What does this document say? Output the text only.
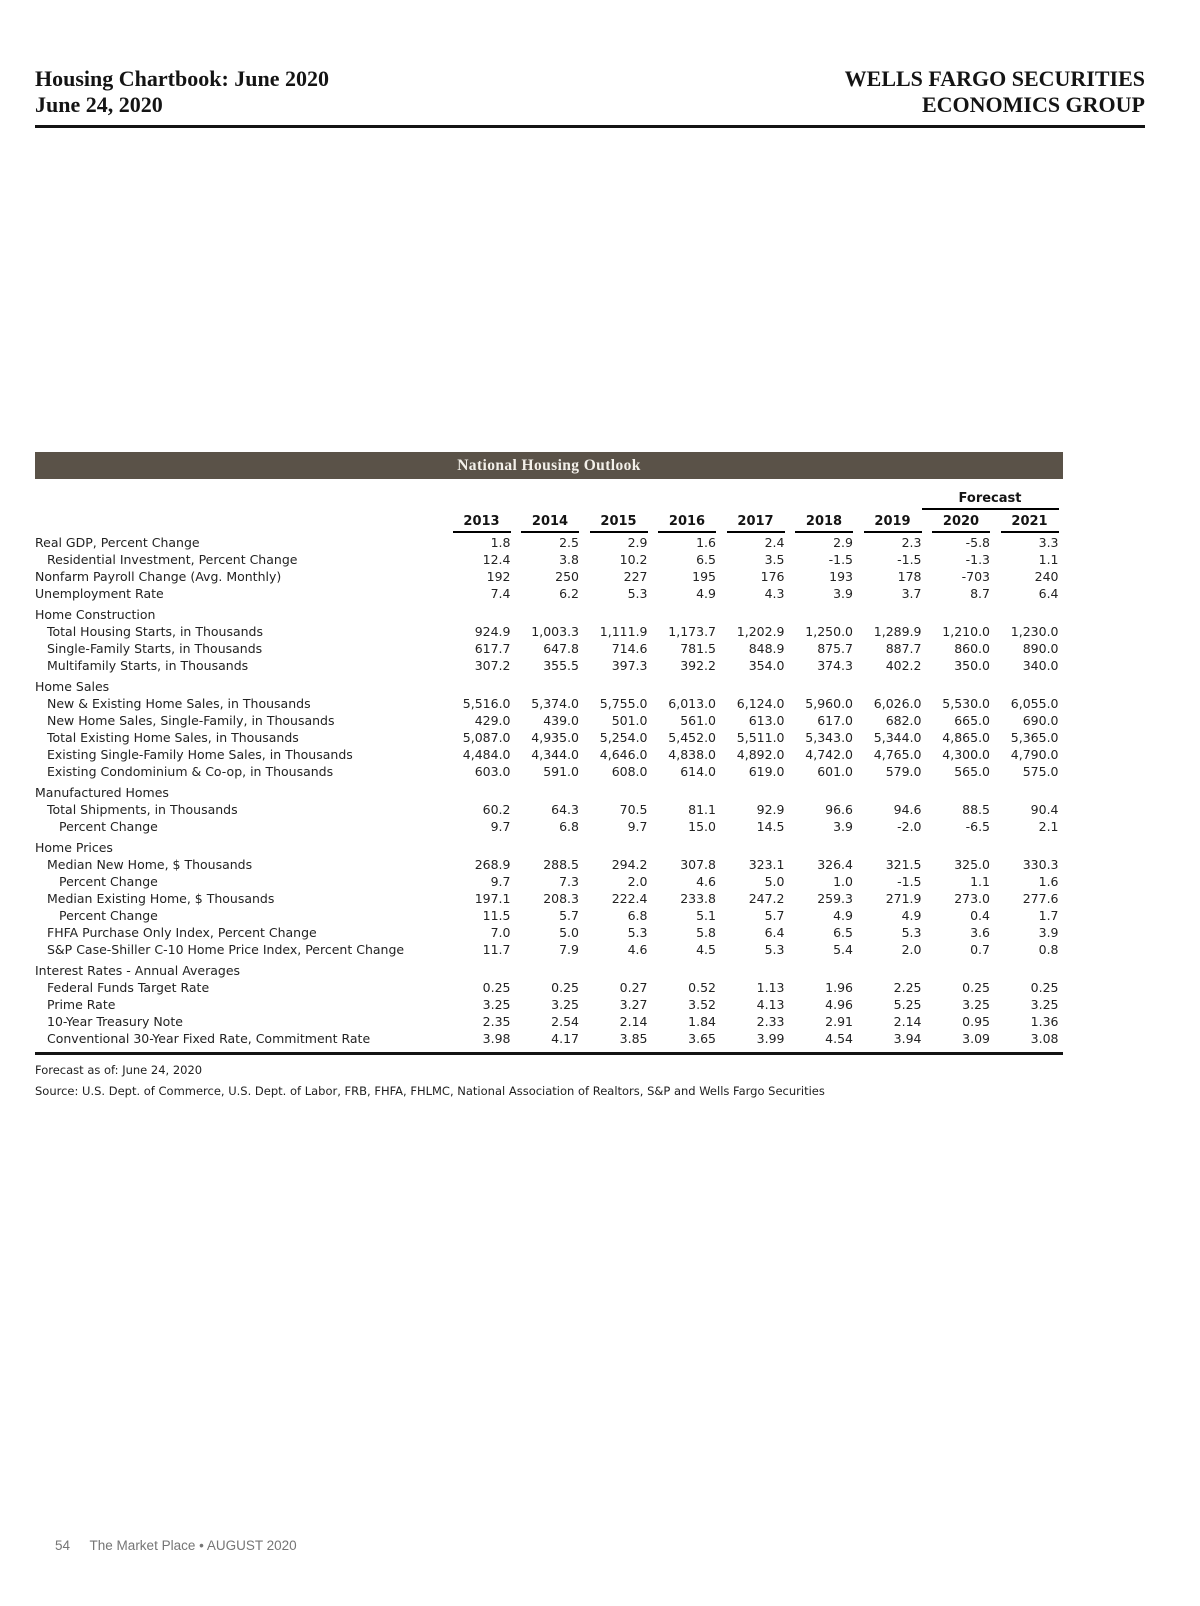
Housing Chartbook: June 2020
June 24, 2020
WELLS FARGO SECURITIES
ECONOMICS GROUP
National Housing Outlook
								Forecast	
	2013	2014	2015	2016	2017	2018	2019	2020	2021
Real GDP, Percent Change	1.8	2.5	2.9	1.6	2.4	2.9	2.3	-5.8	3.3
Residential Investment, Percent Change	12.4	3.8	10.2	6.5	3.5	-1.5	-1.5	-1.3	1.1
Nonfarm Payroll Change (Avg. Monthly)	192	250	227	195	176	193	178	-703	240
Unemployment Rate	7.4	6.2	5.3	4.9	4.3	3.9	3.7	8.7	6.4
Home Construction									
Total Housing Starts, in Thousands	924.9	1,003.3	1,111.9	1,173.7	1,202.9	1,250.0	1,289.9	1,210.0	1,230.0
Single-Family Starts, in Thousands	617.7	647.8	714.6	781.5	848.9	875.7	887.7	860.0	890.0
Multifamily Starts, in Thousands	307.2	355.5	397.3	392.2	354.0	374.3	402.2	350.0	340.0
Home Sales									
New & Existing Home Sales, in Thousands	5,516.0	5,374.0	5,755.0	6,013.0	6,124.0	5,960.0	6,026.0	5,530.0	6,055.0
New Home Sales, Single-Family, in Thousands	429.0	439.0	501.0	561.0	613.0	617.0	682.0	665.0	690.0
Total Existing Home Sales, in Thousands	5,087.0	4,935.0	5,254.0	5,452.0	5,511.0	5,343.0	5,344.0	4,865.0	5,365.0
Existing Single-Family Home Sales, in Thousands	4,484.0	4,344.0	4,646.0	4,838.0	4,892.0	4,742.0	4,765.0	4,300.0	4,790.0
Existing Condominium & Co-op, in Thousands	603.0	591.0	608.0	614.0	619.0	601.0	579.0	565.0	575.0
Manufactured Homes									
Total Shipments, in Thousands	60.2	64.3	70.5	81.1	92.9	96.6	94.6	88.5	90.4
Percent Change	9.7	6.8	9.7	15.0	14.5	3.9	-2.0	-6.5	2.1
Home Prices									
Median New Home, $ Thousands	268.9	288.5	294.2	307.8	323.1	326.4	321.5	325.0	330.3
Percent Change	9.7	7.3	2.0	4.6	5.0	1.0	-1.5	1.1	1.6
Median Existing Home, $ Thousands	197.1	208.3	222.4	233.8	247.2	259.3	271.9	273.0	277.6
Percent Change	11.5	5.7	6.8	5.1	5.7	4.9	4.9	0.4	1.7
FHFA Purchase Only Index, Percent Change	7.0	5.0	5.3	5.8	6.4	6.5	5.3	3.6	3.9
S&P Case-Shiller C-10 Home Price Index, Percent Change	11.7	7.9	4.6	4.5	5.3	5.4	2.0	0.7	0.8
Interest Rates - Annual Averages									
Federal Funds Target Rate	0.25	0.25	0.27	0.52	1.13	1.96	2.25	0.25	0.25
Prime Rate	3.25	3.25	3.27	3.52	4.13	4.96	5.25	3.25	3.25
10-Year Treasury Note	2.35	2.54	2.14	1.84	2.33	2.91	2.14	0.95	1.36
Conventional 30-Year Fixed Rate, Commitment Rate	3.98	4.17	3.85	3.65	3.99	4.54	3.94	3.09	3.08
Forecast as of: June 24, 2020
Source: U.S. Dept. of Commerce, U.S. Dept. of Labor, FRB, FHFA, FHLMC, National Association of Realtors, S&P and Wells Fargo Securities
54 The Market Place • AUGUST 2020
